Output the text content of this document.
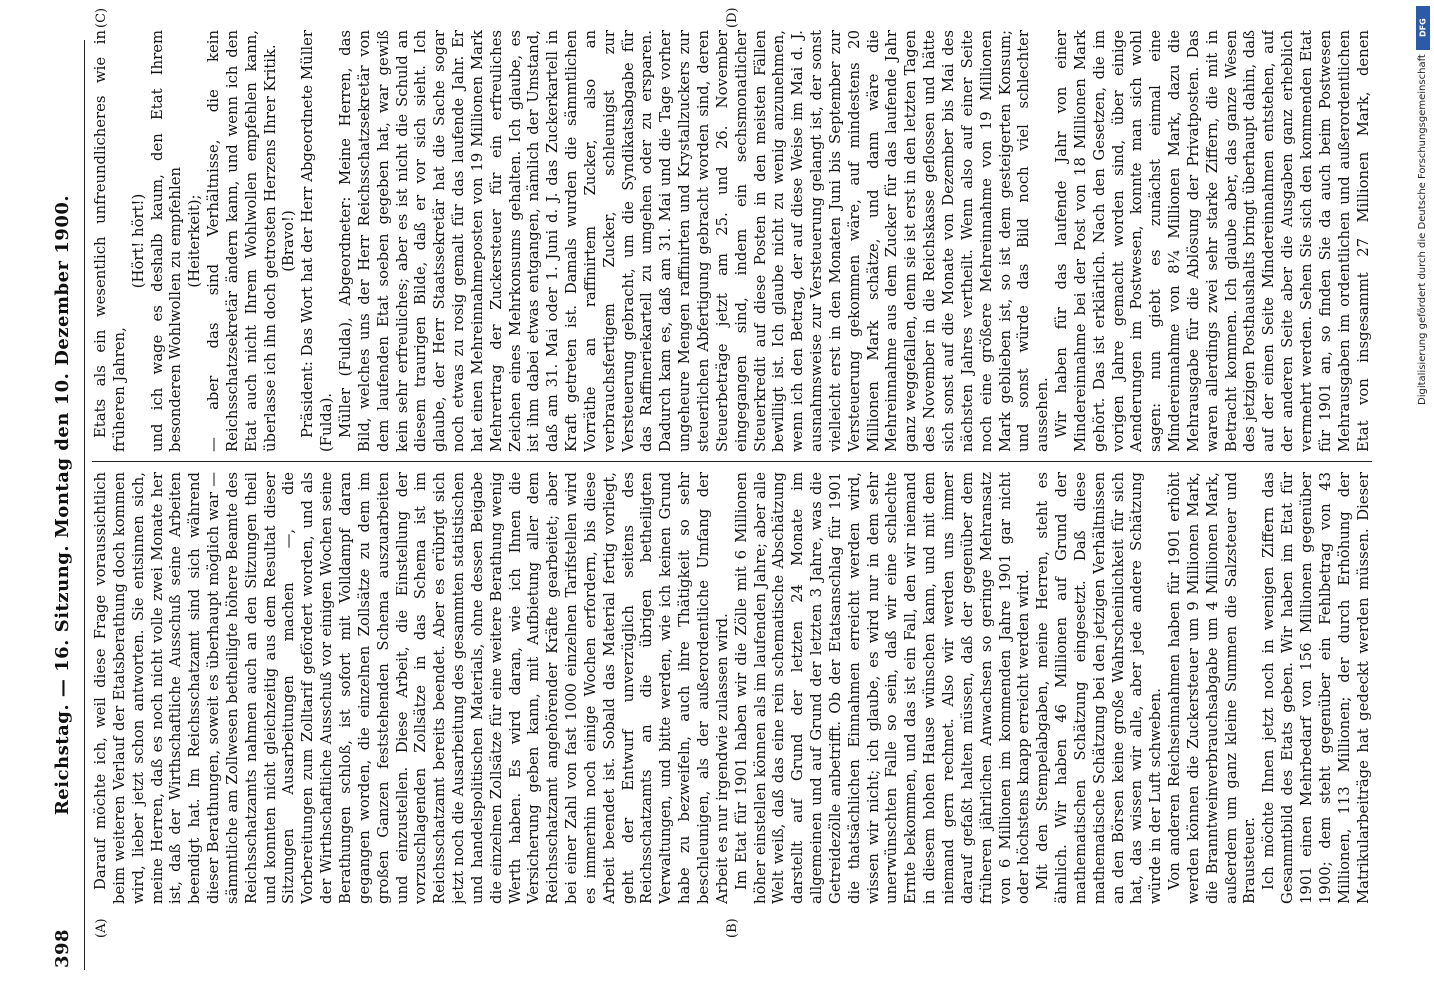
398
Reichstag. — 16. Sitzung. Montag den 10. Dezember 1900.
(A)	(B)
(C)	(D)

Darauf möchte ich, weil diese Frage voraussichtlich beim weiteren Verlauf der Etatsberathung doch kommen wird, lieber jetzt schon antworten. Sie entsinnen sich, meine Herren, daß es noch nicht volle zwei Monate her ist, daß der Wirthschaftliche Ausschuß seine Arbeiten beendigt hat. Im Reichsschatzamt sind sich während dieser Berathungen, soweit es überhaupt möglich war — sämmtliche am Zollwesen betheiligte höhere Beamte des Reichsschatzamts nahmen auch an den Sitzungen theil und konnten nicht gleichzeitig aus dem Resultat dieser Sitzungen Ausarbeitungen machen —, die Vorbereitungen zum Zolltarif gefördert worden, und als der Wirthschaftliche Ausschuß vor einigen Wochen seine Berathungen schloß, ist sofort mit Volldampf daran gegangen worden, die einzelnen Zollsätze zu dem im großen Ganzen feststehenden Schema auszuarbeiten und einzustellen. Diese Arbeit, die Einstellung der vorzuschlagenden Zollsätze in das Schema ist im Reichsschatzamt bereits beendet. Aber es erübrigt sich jetzt noch die Ausarbeitung des gesammten statistischen und handelspolitischen Materials, ohne dessen Beigabe die einzelnen Zollsätze für eine weitere Berathung wenig Werth haben. Es wird daran, wie ich Ihnen die Versicherung geben kann, mit Aufbietung aller dem Reichsschatzamt angehörender Kräfte gearbeitet; aber bei einer Zahl von fast 1000 einzelnen Tarifstellen wird es immerhin noch einige Wochen erfordern, bis diese Arbeit beendet ist. Sobald das Material fertig vorliegt, geht der Entwurf unverzüglich seitens des Reichsschatzamts an die übrigen betheiligten Verwaltungen, und bitte werden, wie ich keinen Grund habe zu bezweifeln, auch ihre Thätigkeit so sehr beschleunigen, als der außerordentliche Umfang der Arbeit es nur irgendwie zulassen wird. Im Etat für 1901 haben wir die Zölle mit 6 Millionen höher einstellen können als im laufenden Jahre; aber alle Welt weiß, daß das eine rein schematische Abschätzung darstellt auf Grund der letzten 24 Monate im allgemeinen und auf Grund der letzten 3 Jahre, was die Getreidezölle anbetrifft. Ob der Etatsanschlag für 1901 die thatsächlichen Einnahmen erreicht werden wird, wissen wir nicht; ich glaube, es wird nur in dem sehr unerwünschten Falle so sein, daß wir eine schlechte Ernte bekommen, und das ist ein Fall, den wir niemand in diesem hohen Hause wünschen kann, und mit dem niemand gern rechnet. Also wir werden uns immer darauf gefaßt halten müssen, daß der gegenüber dem früheren jährlichen Anwachsen so geringe Mehransatz von 6 Millionen im kommenden Jahre 1901 gar nicht oder höchstens knapp erreicht werden wird. Mit den Stempelabgaben, meine Herren, steht es ähnlich. Wir haben 46 Millionen auf Grund der mathematischen Schätzung eingesetzt. Daß diese mathematische Schätzung bei den jetzigen Verhältnissen an den Börsen keine große Wahrscheinlichkeit für sich hat, das wissen wir alle, aber jede andere Schätzung würde in der Luft schweben. Von anderen Reichseinnahmen haben für 1901 erhöht werden können die Zuckersteuer um 9 Millionen Mark, die Branntweinverbrauchsabgabe um 4 Millionen Mark, außerdem um ganz kleine Summen die Salzsteuer und Brausteuer. Ich möchte Ihnen jetzt noch in wenigen Ziffern das Gesammtbild des Etats geben. Wir haben im Etat für 1901 einen Mehrbedarf von 156 Millionen gegenüber 1900; dem steht gegenüber ein Fehlbetrag von 43 Millionen, 113 Millionen; der durch Erhöhung der Matrikularbeiträge hat gedeckt werden müssen. Dieser

Etats als ein wesentlich unfreundlicheres wie in früheren Jahren,

(Hört! hört!) und ich wage es deshalb kaum, den Etat Ihrem besonderen Wohlwollen zu empfehlen (Heiterkeit); — aber das sind Verhältnisse, die kein Reichsschatzsekretär ändern kann, und wenn ich den Etat auch nicht Ihrem Wohlwollen empfehlen kann, überlasse ich ihn doch getrosten Herzens Ihrer Kritik. (Bravo!) Präsident: Das Wort hat der Herr Abgeordnete Müller (Fulda). Müller (Fulda), Abgeordneter: Meine Herren, das Bild, welches uns der Herr Reichsschatzsekretär von dem laufenden Etat soeben gegeben hat, war gewiß kein sehr erfreuliches; aber es ist nicht die Schuld an diesem traurigen Bilde, daß er vor sich sieht. Ich glaube, der Herr Staatssekretär hat die Sache sogar noch etwas zu rosig gemalt für das laufende Jahr. Er hat einen Mehreinnahmeposten von 19 Millionen Mark Mehrertrag der Zuckersteuer für ein erfreuliches Zeichen eines Mehrkonsums gehalten. Ich glaube, es ist ihm dabei etwas entgangen, nämlich der Umstand, daß am 31. Mai oder 1. Juni d. J. das Zuckerkartell in Kraft getreten ist. Damals wurden die sämmtlichen Vorräthe an raffinirtem Zucker, also an verbrauchsfertigem Zucker, schleunigst zur Versteuerung gebracht, um die Syndikatsabgabe für das Raffineriekartell zu umgehen oder zu ersparen. Dadurch kam es, daß am 31. Mai und die Tage vorher ungeheure Mengen raffinirten und Krystallzuckers zur steuerlichen Abfertigung gebracht worden sind, deren Steuerbeträge jetzt am 25. und 26. November eingegangen sind, indem ein sechsmonatlicher Steuerkredit auf diese Posten in den meisten Fällen bewilligt ist. Ich glaube nicht zu wenig anzunehmen, wenn ich den Betrag, der auf diese Weise im Mai d. J. ausnahmsweise zur Versteuerung gelangt ist, der sonst vielleicht erst in den Monaten Juni bis September zur Versteuerung gekommen wäre, auf mindestens 20 Millionen Mark schätze, und dann wäre die Mehreinnahme aus dem Zucker für das laufende Jahr ganz weggefallen, denn sie ist erst in den letzten Tagen des November in die Reichskasse geflossen und hätte sich sonst auf die Monate von Dezember bis Mai des nächsten Jahres vertheilt. Wenn also auf einer Seite noch eine größere Mehreinnahme von 19 Millionen Mark geblieben ist, so ist dem gesteigerten Konsum; und sonst würde das Bild noch viel schlechter aussehen. Wir haben für das laufende Jahr von einer Mindereinnahme bei der Post von 18 Millionen Mark gehört. Das ist erklärlich. Nach den Gesetzen, die im vorigen Jahre gemacht worden sind, über einige Aenderungen im Postwesen, konnte man sich wohl sagen: nun giebt es zunächst einmal eine Mindereinnahme von 8¼ Millionen Mark, dazu die Mehrausgabe für die Ablösung der Privatposten. Das waren allerdings zwei sehr starke Ziffern, die mit in Betracht kommen. Ich glaube aber, das ganze Wesen des jetzigen Posthaushalts bringt überhaupt dahin, daß auf der einen Seite Mindereinnahmen entstehen, auf der anderen Seite aber die Ausgaben ganz erheblich vermehrt werden. Sehen Sie sich den kommenden Etat für 1901 an, so finden Sie da auch beim Postwesen Mehrausgaben im ordentlichen und außerordentlichen Etat von insgesammt 27 Millionen Mark, denen

DFG
Digitalisierung gefördert durch die Deutsche Forschungsgemeinschaft
